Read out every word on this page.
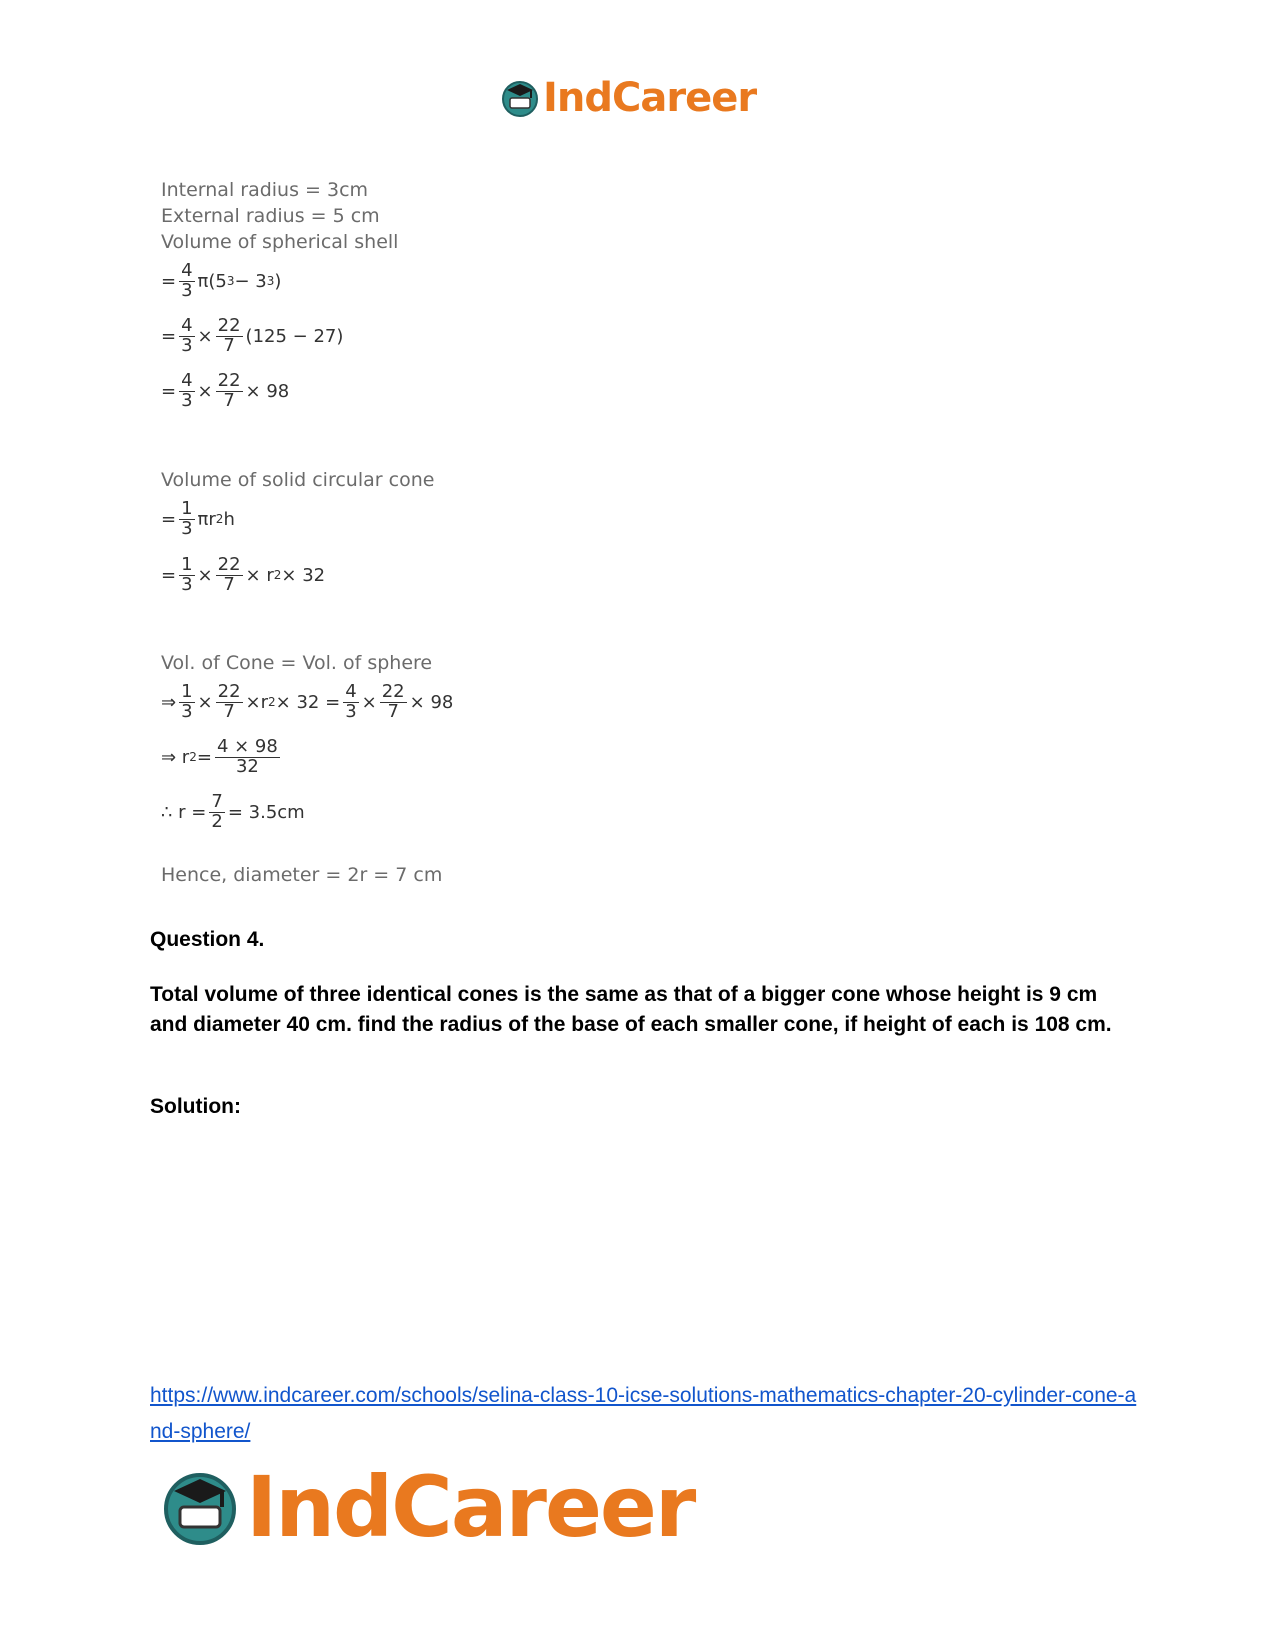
IndCareer
Internal radius = 3cm
External radius = 5 cm
Volume of spherical shell
= $\frac{4}{3} \pi(5$ 3 − 3 3 )
= $\frac{4}{3} \times \frac{22}{7} (125 - 27)$
= $\frac{4}{3} \times \frac{22}{7} \times 98$
Volume of solid circular cone
= $\frac{1}{3}$ πr 2 h
= $\frac{1}{3} \times \frac{22}{7} \times r$ 2 × 32
Vol. of Cone = Vol. of sphere
⇒ $\frac{1}{3} \times \frac{22}{7} \times r$ $2 \times 32 = \frac{4}{3} \times \frac{22}{7} \times 98$
⇒ r $2 = \frac{4 \times 98}{32}$
∴ $r = \frac{7}{2} = 3.5cm$
Hence, diameter = 2r = 7 cm
Question 4.
Total volume of three identical cones is the same as that of a bigger cone whose height is 9 cm and diameter 40 cm. find the radius of the base of each smaller cone, if height of each is 108 cm.
Solution:
https://www.indcareer.com/schools/selina-class-10-icse-solutions-mathematics-chapter-20-cylinder-cone-and-sphere/
IndCareer
